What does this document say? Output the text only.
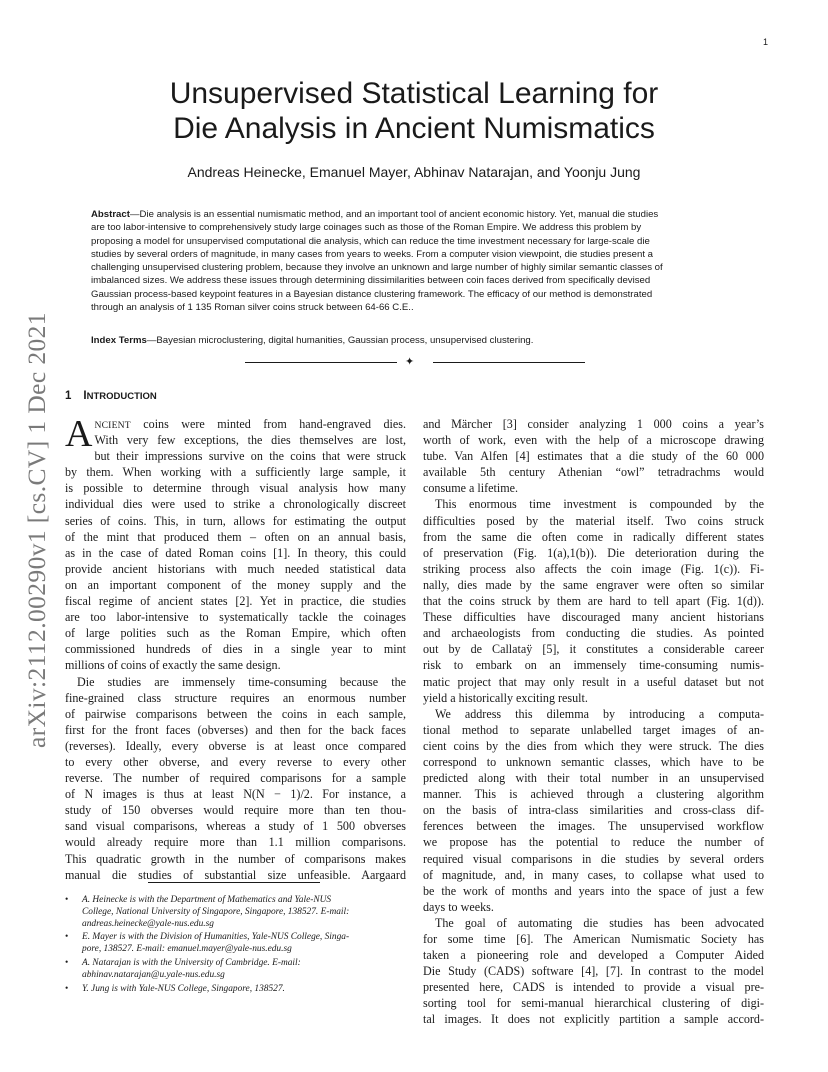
1
arXiv:2112.00290v1 [cs.CV] 1 Dec 2021
Unsupervised Statistical Learning for
Die Analysis in Ancient Numismatics
Andreas Heinecke, Emanuel Mayer, Abhinav Natarajan, and Yoonju Jung
Abstract—Die analysis is an essential numismatic method, and an important tool of ancient economic history. Yet, manual die studies
are too labor-intensive to comprehensively study large coinages such as those of the Roman Empire. We address this problem by
proposing a model for unsupervised computational die analysis, which can reduce the time investment necessary for large-scale die
studies by several orders of magnitude, in many cases from years to weeks. From a computer vision viewpoint, die studies present a
challenging unsupervised clustering problem, because they involve an unknown and large number of highly similar semantic classes of
imbalanced sizes. We address these issues through determining dissimilarities between coin faces derived from specifically devised
Gaussian process-based keypoint features in a Bayesian distance clustering framework. The efficacy of our method is demonstrated
through an analysis of 1 135 Roman silver coins struck between 64-66 C.E..
Index Terms—Bayesian microclustering, digital humanities, Gaussian process, unsupervised clustering.
✦
1 INTRODUCTION
A NCIENT coins were minted from hand-engraved dies.
With very few exceptions, the dies themselves are lost,
but their impressions survive on the coins that were struck
by them. When working with a sufficiently large sample, it
is possible to determine through visual analysis how many
individual dies were used to strike a chronologically discreet
series of coins. This, in turn, allows for estimating the output
of the mint that produced them – often on an annual basis,
as in the case of dated Roman coins [1]. In theory, this could
provide ancient historians with much needed statistical data
on an important component of the money supply and the
fiscal regime of ancient states [2]. Yet in practice, die studies
are too labor-intensive to systematically tackle the coinages
of large polities such as the Roman Empire, which often
commissioned hundreds of dies in a single year to mint
millions of coins of exactly the same design.
Die studies are immensely time-consuming because the
fine-grained class structure requires an enormous number
of pairwise comparisons between the coins in each sample,
first for the front faces (obverses) and then for the back faces
(reverses). Ideally, every obverse is at least once compared
to every other obverse, and every reverse to every other
reverse. The number of required comparisons for a sample
of N images is thus at least N(N − 1)/2. For instance, a
study of 150 obverses would require more than ten thou-
sand visual comparisons, whereas a study of 1 500 obverses
would already require more than 1.1 million comparisons.
This quadratic growth in the number of comparisons makes
manual die studies of substantial size unfeasible. Aargaard
and Märcher [3] consider analyzing 1 000 coins a year’s
worth of work, even with the help of a microscope drawing
tube. Van Alfen [4] estimates that a die study of the 60 000
available 5th century Athenian “owl” tetradrachms would
consume a lifetime.
This enormous time investment is compounded by the
difficulties posed by the material itself. Two coins struck
from the same die often come in radically different states
of preservation (Fig. 1(a),1(b)). Die deterioration during the
striking process also affects the coin image (Fig. 1(c)). Fi-
nally, dies made by the same engraver were often so similar
that the coins struck by them are hard to tell apart (Fig. 1(d)).
These difficulties have discouraged many ancient historians
and archaeologists from conducting die studies. As pointed
out by de Callataÿ [5], it constitutes a considerable career
risk to embark on an immensely time-consuming numis-
matic project that may only result in a useful dataset but not
yield a historically exciting result.
We address this dilemma by introducing a computa-
tional method to separate unlabelled target images of an-
cient coins by the dies from which they were struck. The dies
correspond to unknown semantic classes, which have to be
predicted along with their total number in an unsupervised
manner. This is achieved through a clustering algorithm
on the basis of intra-class similarities and cross-class dif-
ferences between the images. The unsupervised workflow
we propose has the potential to reduce the number of
required visual comparisons in die studies by several orders
of magnitude, and, in many cases, to collapse what used to
be the work of months and years into the space of just a few
days to weeks.
The goal of automating die studies has been advocated
for some time [6]. The American Numismatic Society has
taken a pioneering role and developed a Computer Aided
Die Study (CADS) software [4], [7]. In contrast to the model
presented here, CADS is intended to provide a visual pre-
sorting tool for semi-manual hierarchical clustering of digi-
tal images. It does not explicitly partition a sample accord-
• A. Heinecke is with the Department of Mathematics and Yale-NUS
College, National University of Singapore, Singapore, 138527. E-mail:
andreas.heinecke@yale-nus.edu.sg
• E. Mayer is with the Division of Humanities, Yale-NUS College, Singa-
pore, 138527. E-mail: emanuel.mayer@yale-nus.edu.sg
• A. Natarajan is with the University of Cambridge. E-mail:
abhinav.natarajan@u.yale-nus.edu.sg
• Y. Jung is with Yale-NUS College, Singapore, 138527.
